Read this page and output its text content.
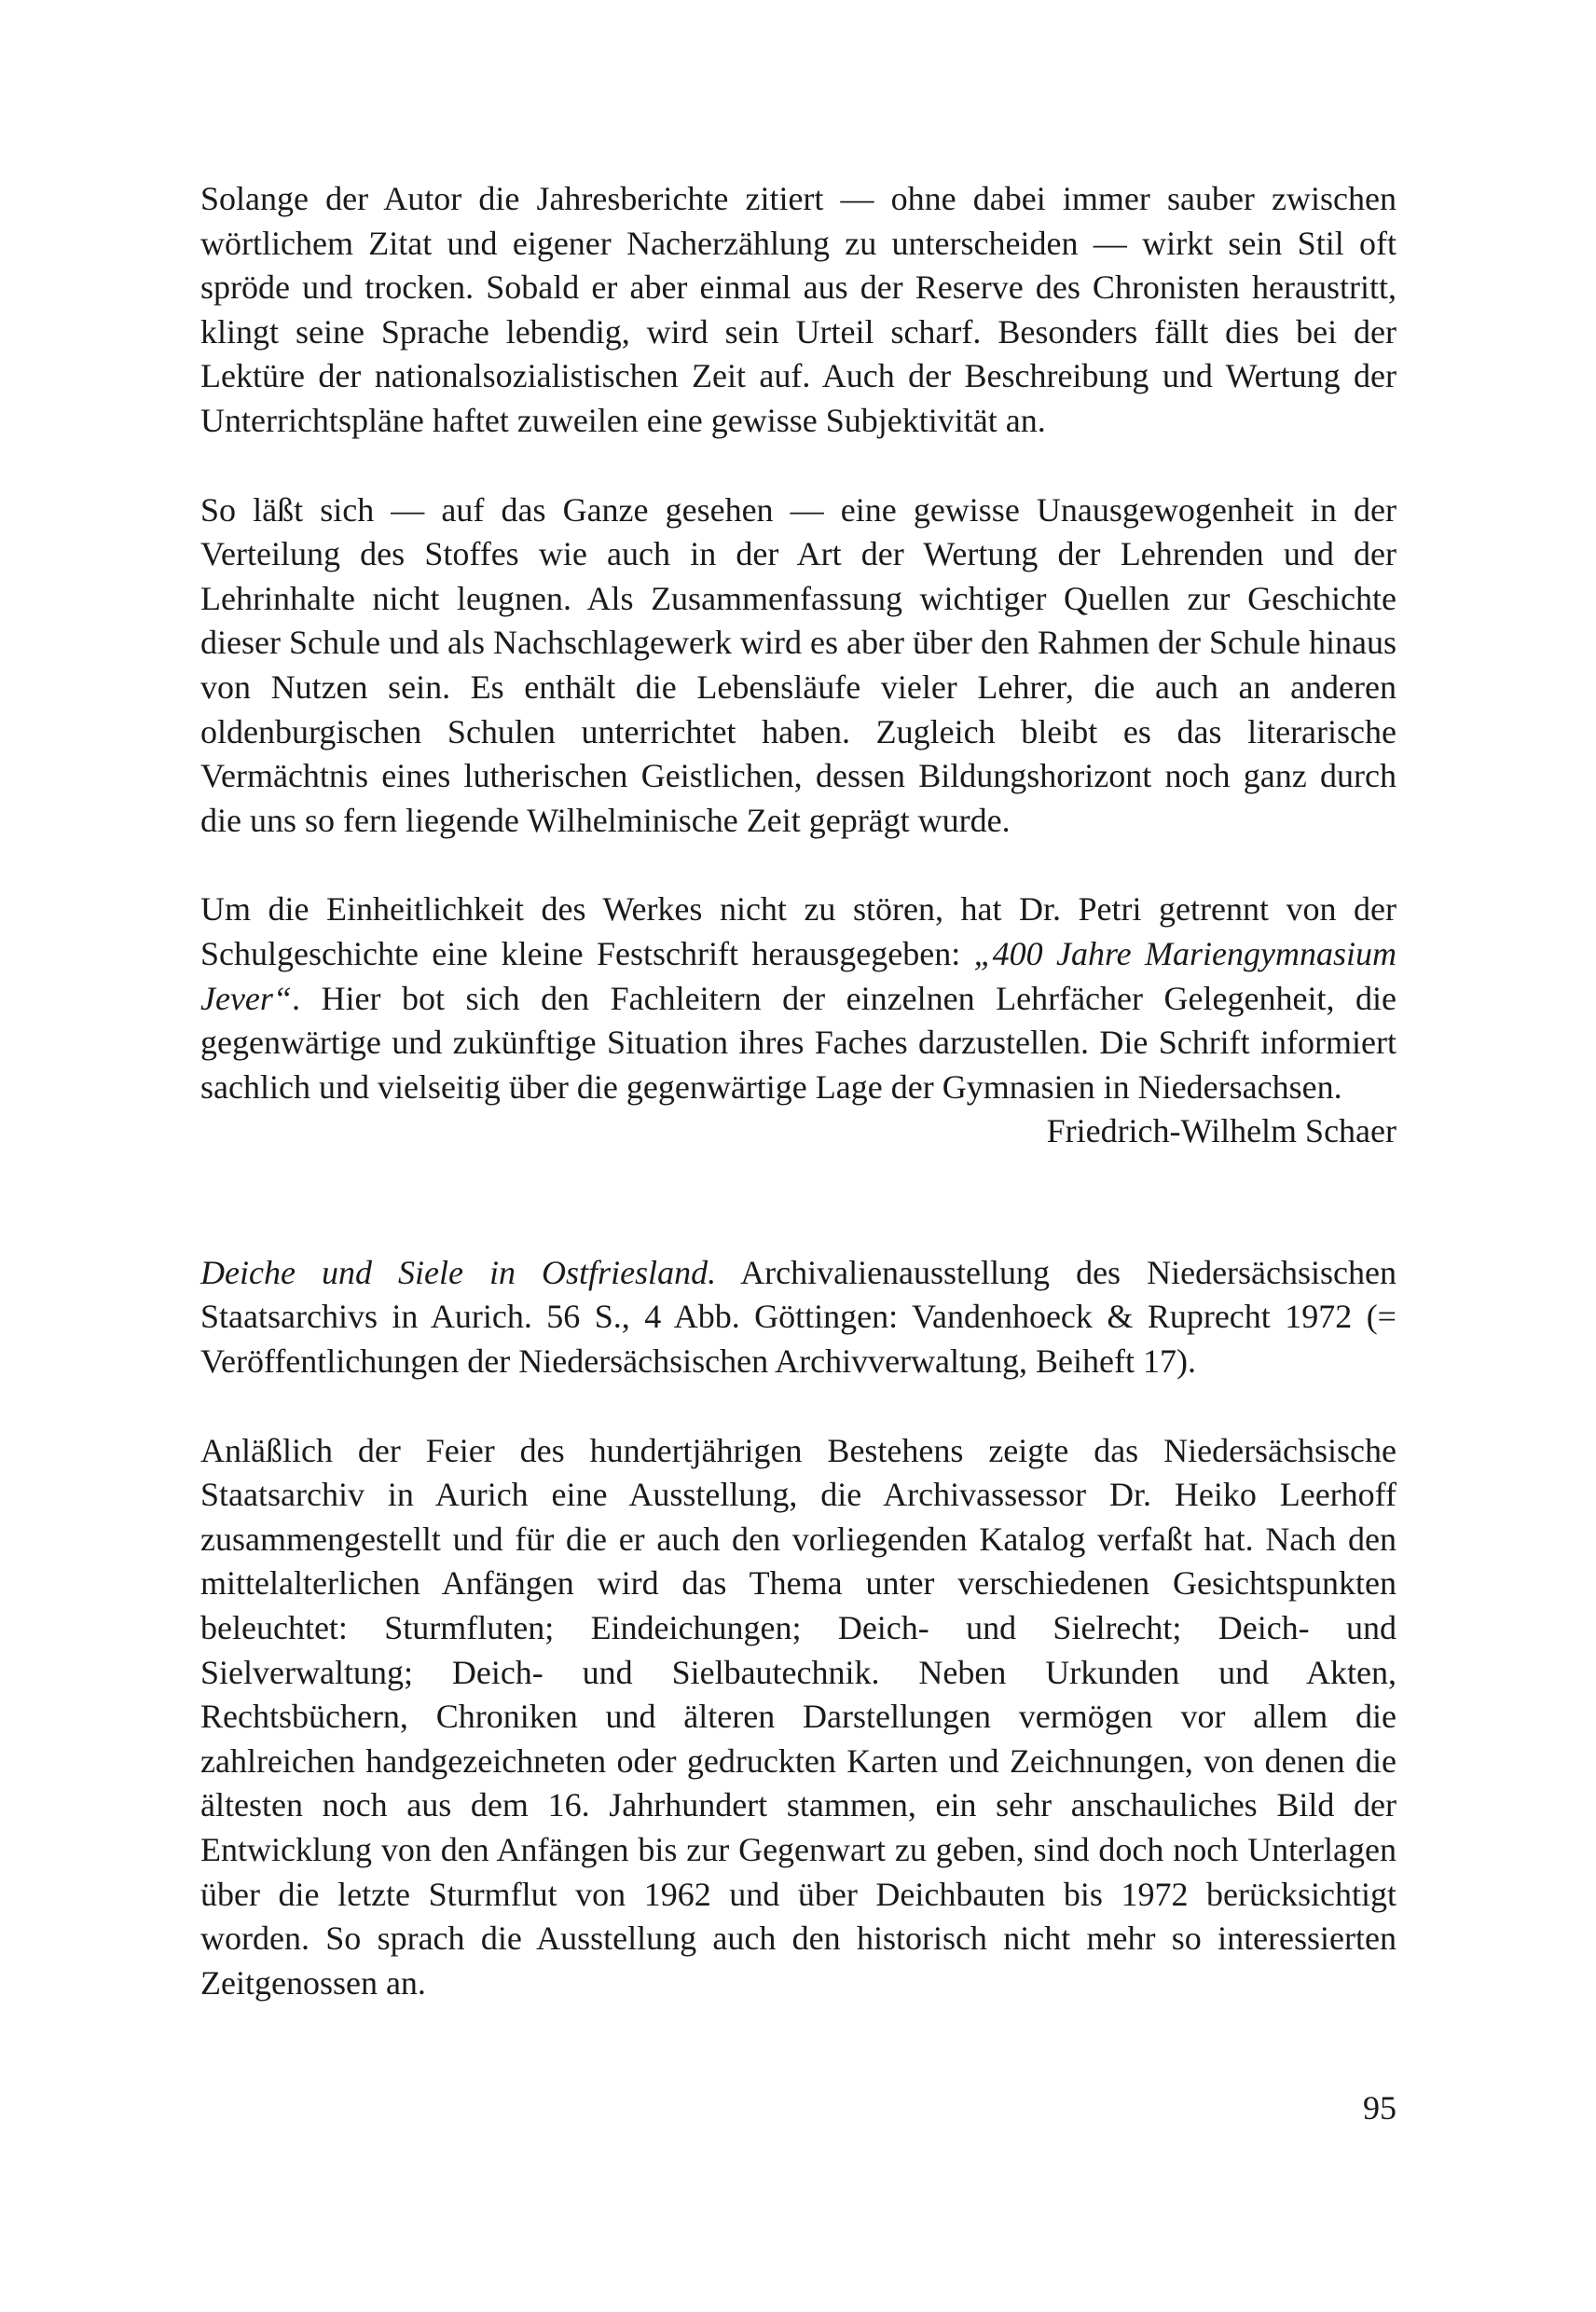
Solange der Autor die Jahresberichte zitiert — ohne dabei immer sauber zwischen wörtlichem Zitat und eigener Nacherzählung zu unterscheiden — wirkt sein Stil oft spröde und trocken. Sobald er aber einmal aus der Reserve des Chronisten heraustritt, klingt seine Sprache lebendig, wird sein Urteil scharf. Besonders fällt dies bei der Lektüre der nationalsozialistischen Zeit auf. Auch der Beschreibung und Wertung der Unterrichtspläne haftet zuweilen eine gewisse Subjektivität an.

So läßt sich — auf das Ganze gesehen — eine gewisse Unausgewogenheit in der Verteilung des Stoffes wie auch in der Art der Wertung der Lehrenden und der Lehrinhalte nicht leugnen. Als Zusammenfassung wichtiger Quellen zur Geschichte dieser Schule und als Nachschlagewerk wird es aber über den Rahmen der Schule hinaus von Nutzen sein. Es enthält die Lebensläufe vieler Lehrer, die auch an anderen oldenburgischen Schulen unterrichtet haben. Zugleich bleibt es das literarische Vermächtnis eines lutherischen Geistlichen, dessen Bildungshorizont noch ganz durch die uns so fern liegende Wilhelminische Zeit geprägt wurde.

Um die Einheitlichkeit des Werkes nicht zu stören, hat Dr. Petri getrennt von der Schulgeschichte eine kleine Festschrift herausgegeben: „400 Jahre Mariengymnasium Jever“. Hier bot sich den Fachleitern der einzelnen Lehrfächer Gelegenheit, die gegenwärtige und zukünftige Situation ihres Faches darzustellen. Die Schrift informiert sachlich und vielseitig über die gegenwärtige Lage der Gymnasien in Niedersachsen.

Friedrich-Wilhelm Schaer

Deiche und Siele in Ostfriesland. Archivalienausstellung des Niedersächsischen Staatsarchivs in Aurich. 56 S., 4 Abb. Göttingen: Vandenhoeck & Ruprecht 1972 (= Veröffentlichungen der Niedersächsischen Archivverwaltung, Beiheft 17).

Anläßlich der Feier des hundertjährigen Bestehens zeigte das Niedersächsische Staatsarchiv in Aurich eine Ausstellung, die Archivassessor Dr. Heiko Leerhoff zusammengestellt und für die er auch den vorliegenden Katalog verfaßt hat. Nach den mittelalterlichen Anfängen wird das Thema unter verschiedenen Gesichtspunkten beleuchtet: Sturmfluten; Eindeichungen; Deich- und Sielrecht; Deich- und Sielverwaltung; Deich- und Sielbautechnik. Neben Urkunden und Akten, Rechtsbüchern, Chroniken und älteren Darstellungen vermögen vor allem die zahlreichen handgezeichneten oder gedruckten Karten und Zeichnungen, von denen die ältesten noch aus dem 16. Jahrhundert stammen, ein sehr anschauliches Bild der Entwicklung von den Anfängen bis zur Gegenwart zu geben, sind doch noch Unterlagen über die letzte Sturmflut von 1962 und über Deichbauten bis 1972 berücksichtigt worden. So sprach die Ausstellung auch den historisch nicht mehr so interessierten Zeitgenossen an.

95
